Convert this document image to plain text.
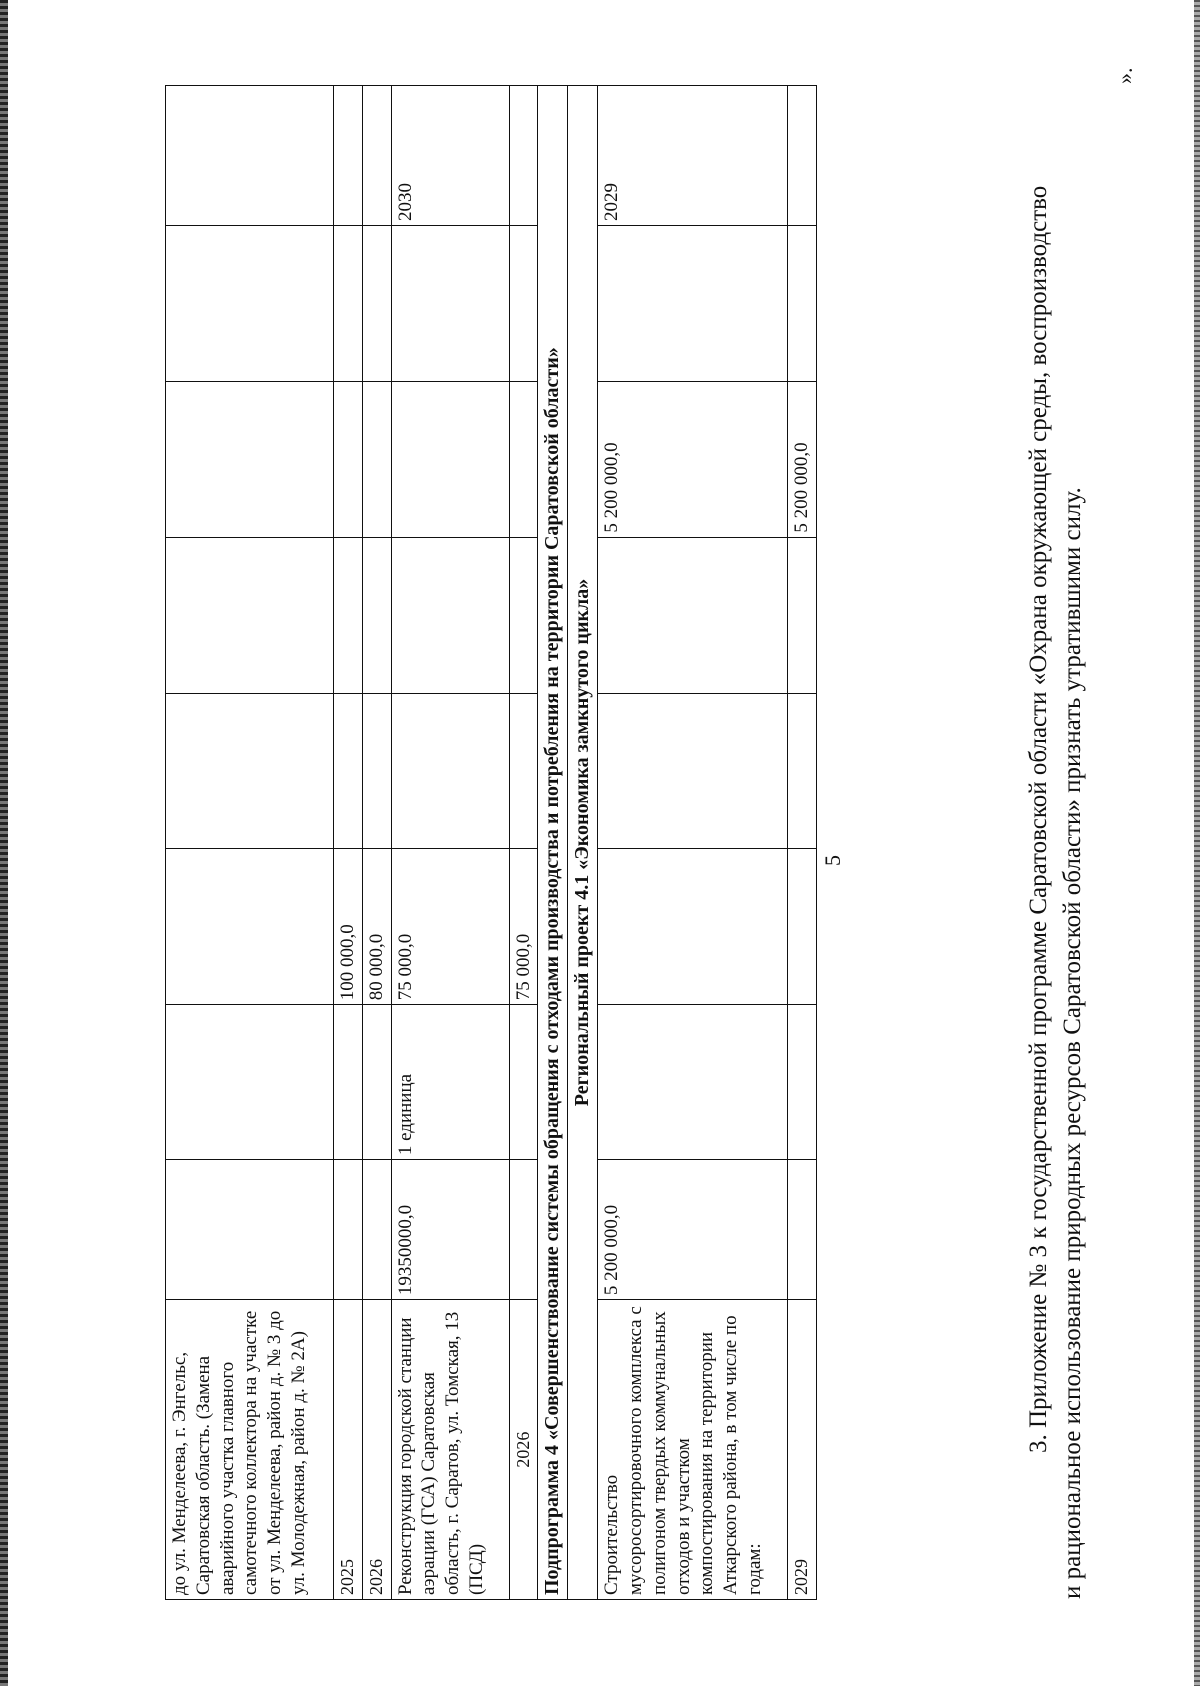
5
до ул. Менделеева, г. Энгельс, Саратовская область. (Замена аварийного участка главного самотечного коллектора на участке от ул. Менделеева, район д. № 3 до ул. Молодежная, район д. № 2А)								
2025			100 000,0					
2026			80 000,0					
Реконструкция городской станции аэрации (ГСА) Саратовская область, г. Саратов, ул. Томская, 13 (ПСД)	19350000,0	1 единица	75 000,0					2030
2026			75 000,0					
Подпрограмма 4 «Совершенствование системы обращения с отходами производства и потребления на территории Саратовской области»								
Региональный проект 4.1 «Экономика замкнутого цикла»								
Строительство мусоросортировочного комплекса с полигоном твердых коммунальных отходов и участком компостирования на территории Аткарского района, в том числе по годам:	5 200 000,0					5 200 000,0		2029
2029						5 200 000,0		
».
3. Приложение № 3 к государственной программе Саратовской области «Охрана окружающей среды, воспроизводство и рациональное использование природных ресурсов Саратовской области» признать утратившими силу.
